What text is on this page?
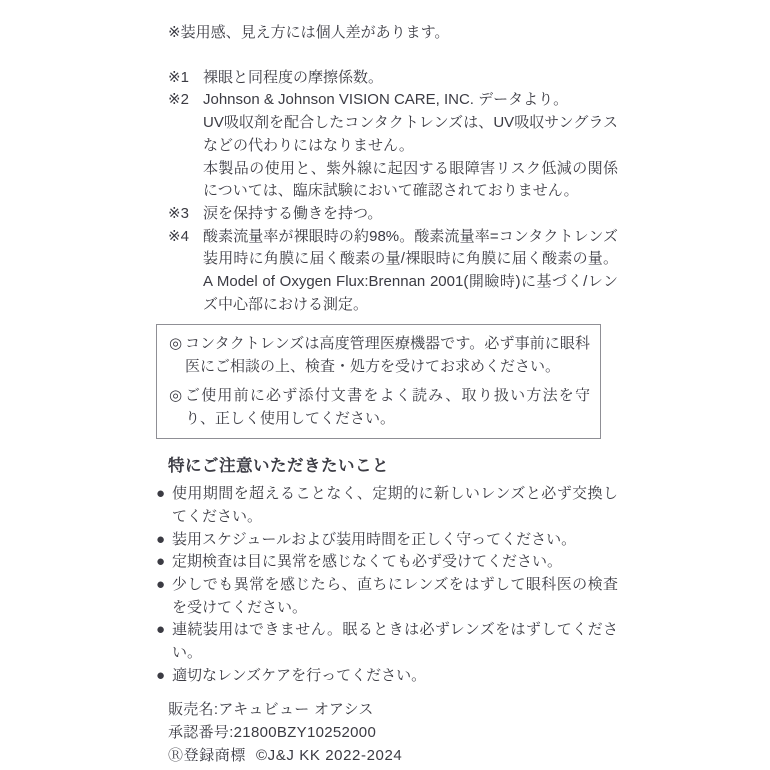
※装用感、見え方には個人差があります。
※1 裸眼と同程度の摩擦係数。
※2 Johnson & Johnson VISION CARE, INC. データより。
UV吸収剤を配合したコンタクトレンズは、UV吸収サングラスなどの代わりにはなりません。
本製品の使用と、紫外線に起因する眼障害リスク低減の関係については、臨床試験において確認されておりません。
※3 涙を保持する働きを持つ。
※4 酸素流量率が裸眼時の約98%。酸素流量率=コンタクトレンズ装用時に角膜に届く酸素の量/裸眼時に角膜に届く酸素の量。A Model of Oxygen Flux:Brennan 2001(開瞼時)に基づく/レンズ中心部における測定。
◎ コンタクトレンズは高度管理医療機器です。必ず事前に眼科医にご相談の上、検査・処方を受けてお求めください。
◎ ご使用前に必ず添付文書をよく読み、取り扱い方法を守り、正しく使用してください。
特にご注意いただきたいこと
● 使用期間を超えることなく、定期的に新しいレンズと必ず交換してください。
● 装用スケジュールおよび装用時間を正しく守ってください。
● 定期検査は目に異常を感じなくても必ず受けてください。
● 少しでも異常を感じたら、直ちにレンズをはずして眼科医の検査を受けてください。
● 連続装用はできません。眠るときは必ずレンズをはずしてください。
● 適切なレンズケアを行ってください。
販売名:アキュビュー オアシス
承認番号:21800BZY10252000
Ⓡ登録商標 ©J&J KK 2022-2024
